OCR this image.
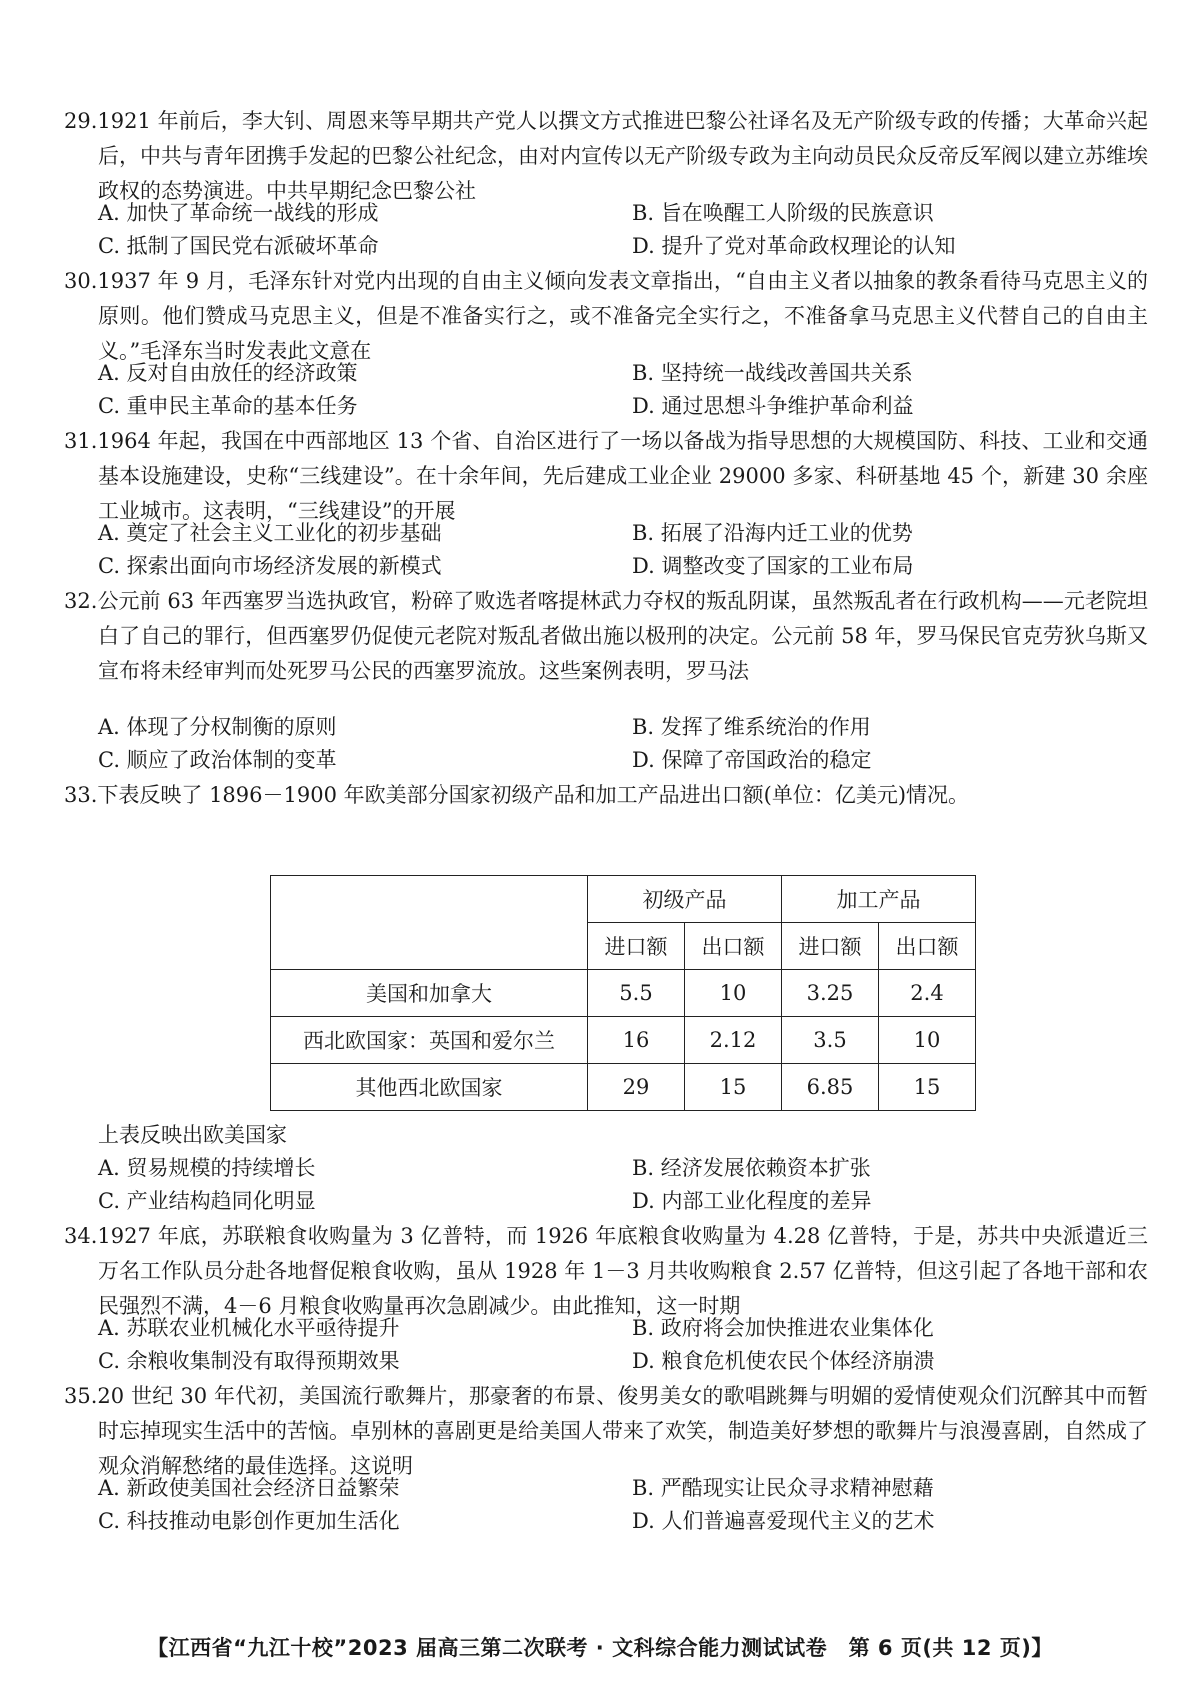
29.1921 年前后，李大钊、周恩来等早期共产党人以撰文方式推进巴黎公社译名及无产阶级专政的传播；大革命兴起后，中共与青年团携手发起的巴黎公社纪念，由对内宣传以无产阶级专政为主向动员民众反帝反军阀以建立苏维埃政权的态势演进。中共早期纪念巴黎公社

A. 加快了革命统一战线的形成	B. 旨在唤醒工人阶级的民族意识
C. 抵制了国民党右派破坏革命	D. 提升了党对革命政权理论的认知

30.1937 年 9 月，毛泽东针对党内出现的自由主义倾向发表文章指出，“自由主义者以抽象的教条看待马克思主义的原则。他们赞成马克思主义，但是不准备实行之，或不准备完全实行之，不准备拿马克思主义代替自己的自由主义。”毛泽东当时发表此文意在

A. 反对自由放任的经济政策	B. 坚持统一战线改善国共关系
C. 重申民主革命的基本任务	D. 通过思想斗争维护革命利益

31.1964 年起，我国在中西部地区 13 个省、自治区进行了一场以备战为指导思想的大规模国防、科技、工业和交通基本设施建设，史称“三线建设”。在十余年间，先后建成工业企业 29000 多家、科研基地 45 个，新建 30 余座工业城市。这表明，“三线建设”的开展

A. 奠定了社会主义工业化的初步基础	B. 拓展了沿海内迁工业的优势
C. 探索出面向市场经济发展的新模式	D. 调整改变了国家的工业布局

32.公元前 63 年西塞罗当选执政官，粉碎了败选者喀提林武力夺权的叛乱阴谋，虽然叛乱者在行政机构——元老院坦白了自己的罪行，但西塞罗仍促使元老院对叛乱者做出施以极刑的决定。公元前 58 年，罗马保民官克劳狄乌斯又宣布将未经审判而处死罗马公民的西塞罗流放。这些案例表明，罗马法

A. 体现了分权制衡的原则	B. 发挥了维系统治的作用
C. 顺应了政治体制的变革	D. 保障了帝国政治的稳定

33.下表反映了 1896－1900 年欧美部分国家初级产品和加工产品进出口额(单位：亿美元)情况。

	初级产品		加工产品	
	进口额	出口额	进口额	出口额
美国和加拿大	5.5	10	3.25	2.4
西北欧国家：英国和爱尔兰	16	2.12	3.5	10
其他西北欧国家	29	15	6.85	15
上表反映出欧美国家
A. 贸易规模的持续增长	B. 经济发展依赖资本扩张
C. 产业结构趋同化明显	D. 内部工业化程度的差异

34.1927 年底，苏联粮食收购量为 3 亿普特，而 1926 年底粮食收购量为 4.28 亿普特，于是，苏共中央派遣近三万名工作队员分赴各地督促粮食收购，虽从 1928 年 1－3 月共收购粮食 2.57 亿普特，但这引起了各地干部和农民强烈不满，4－6 月粮食收购量再次急剧减少。由此推知，这一时期

A. 苏联农业机械化水平亟待提升	B. 政府将会加快推进农业集体化
C. 余粮收集制没有取得预期效果	D. 粮食危机使农民个体经济崩溃

35.20 世纪 30 年代初，美国流行歌舞片，那豪奢的布景、俊男美女的歌唱跳舞与明媚的爱情使观众们沉醉其中而暂时忘掉现实生活中的苦恼。卓别林的喜剧更是给美国人带来了欢笑，制造美好梦想的歌舞片与浪漫喜剧，自然成了观众消解愁绪的最佳选择。这说明

A. 新政使美国社会经济日益繁荣	B. 严酷现实让民众寻求精神慰藉
C. 科技推动电影创作更加生活化	D. 人们普遍喜爱现代主义的艺术
【江西省“九江十校”2023 届高三第二次联考 · 文科综合能力测试试卷　第 6 页(共 12 页)】
